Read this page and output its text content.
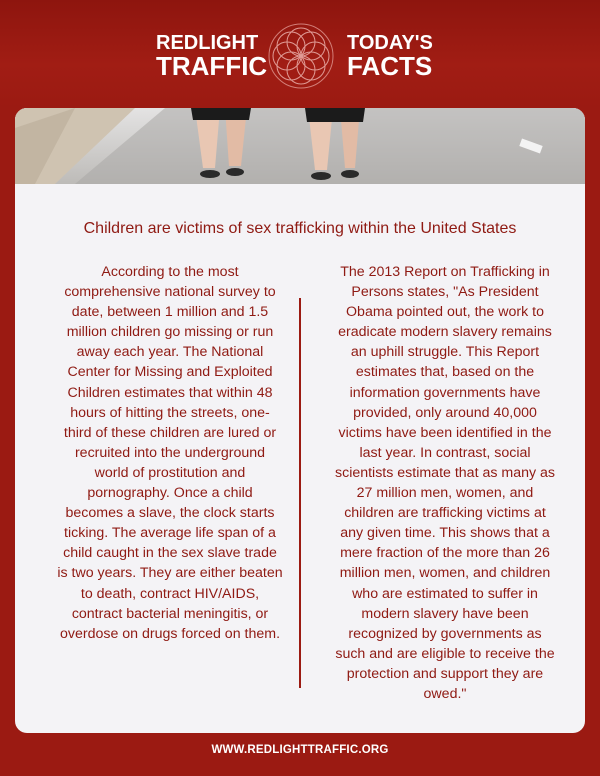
REDLIGHT
TRAFFIC
TODAY'S
FACTS
Children are victims of sex trafficking within the United States
According to the most comprehensive national survey to date, between 1 million and 1.5 million children go missing or run away each year. The National Center for Missing and Exploited Children estimates that within 48 hours of hitting the streets, one-third of these children are lured or recruited into the underground world of prostitution and pornography. Once a child becomes a slave, the clock starts ticking. The average life span of a child caught in the sex slave trade is two years. They are either beaten to death, contract HIV/AIDS, contract bacterial meningitis, or overdose on drugs forced on them.
The 2013 Report on Trafficking in Persons states, "As President Obama pointed out, the work to eradicate modern slavery remains an uphill struggle. This Report estimates that, based on the information governments have provided, only around 40,000 victims have been identified in the last year. In contrast, social scientists estimate that as many as 27 million men, women, and children are trafficking victims at any given time. This shows that a mere fraction of the more than 26 million men, women, and children who are estimated to suffer in modern slavery have been recognized by governments as such and are eligible to receive the protection and support they are owed."
WWW.REDLIGHTTRAFFIC.ORG
